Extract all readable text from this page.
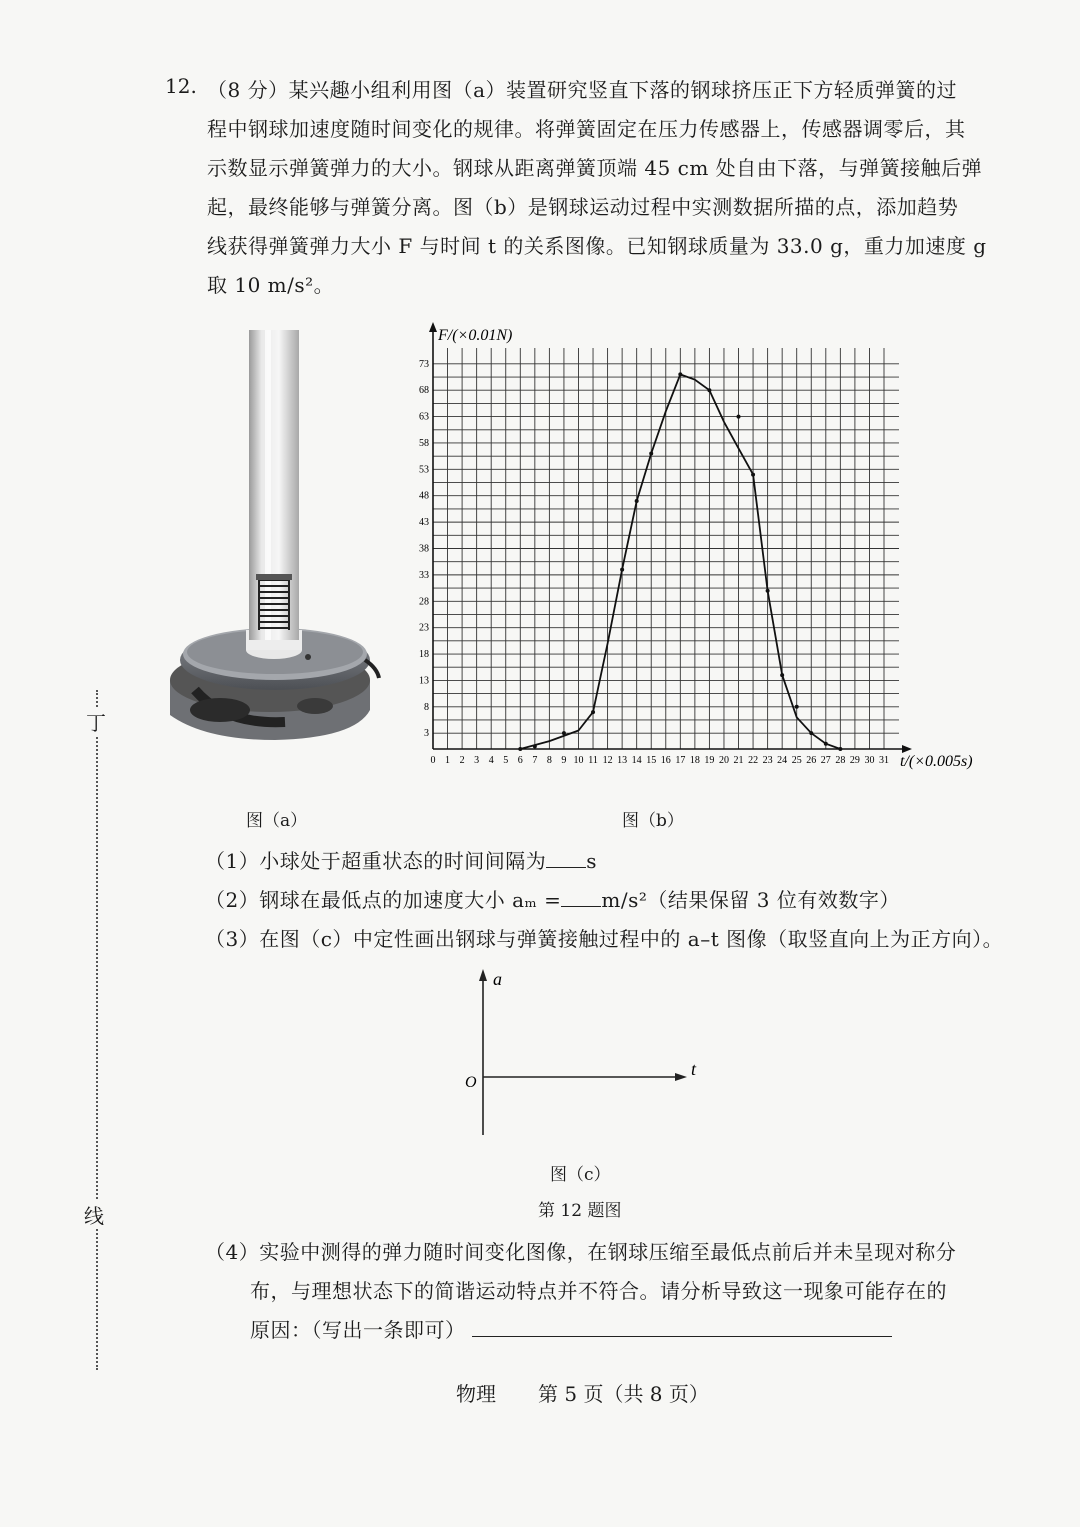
12. （8 分）某兴趣小组利用图（a）装置研究竖直下落的钢球挤压正下方轻质弹簧的过
程中钢球加速度随时间变化的规律。将弹簧固定在压力传感器上，传感器调零后，其
示数显示弹簧弹力的大小。钢球从距离弹簧顶端 45 cm 处自由下落，与弹簧接触后弹
起，最终能够与弹簧分离。图（b）是钢球运动过程中实测数据所描的点，添加趋势
线获得弹簧弹力大小 F 与时间 t 的关系图像。已知钢球质量为 33.0 g，重力加速度 g
取 10 m/s²。
0 1 2 3 4 5 6 7 8 9 10 11 12 13 14 15 16 17 18 19 20 21 22 23 24 25 26 27 28 29 30 31
3
8
13
18
23
28
33
38
43
48
53
58
63
68
73
F/(×0.01N)
t/(×0.005s)
图（a）	图（b）
（1）小球处于超重状态的时间间隔为 s
（2）钢球在最低点的加速度大小 aₘ = m/s²（结果保留 3 位有效数字）
（3）在图（c）中定性画出钢球与弹簧接触过程中的 a–t 图像（取竖直向上为正方向）。
a
t
O
图（c）
第 12 题图
（4）实验中测得的弹力随时间变化图像，在钢球压缩至最低点前后并未呈现对称分
布，与理想状态下的简谐运动特点并不符合。请分析导致这一现象可能存在的
原因：（写出一条即可）
丁
线
物理 第 5 页（共 8 页）
